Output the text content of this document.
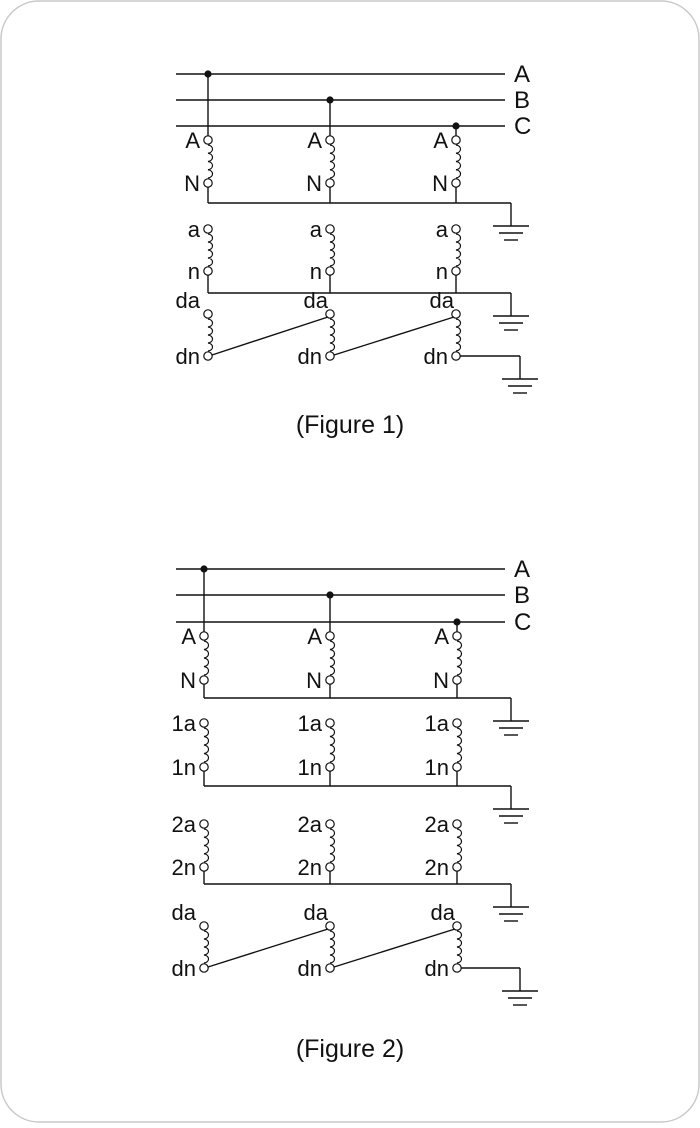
A
B
C
A
N
A
N
A
N
a
n
a
n
a
n
da
dn
da
dn
da
dn
(Figure 1)
A
B
C
A
N
A
N
A
N
1a
1n
1a
1n
1a
1n
2a
2n
2a
2n
2a
2n
da
dn
da
dn
da
dn
(Figure 2)
